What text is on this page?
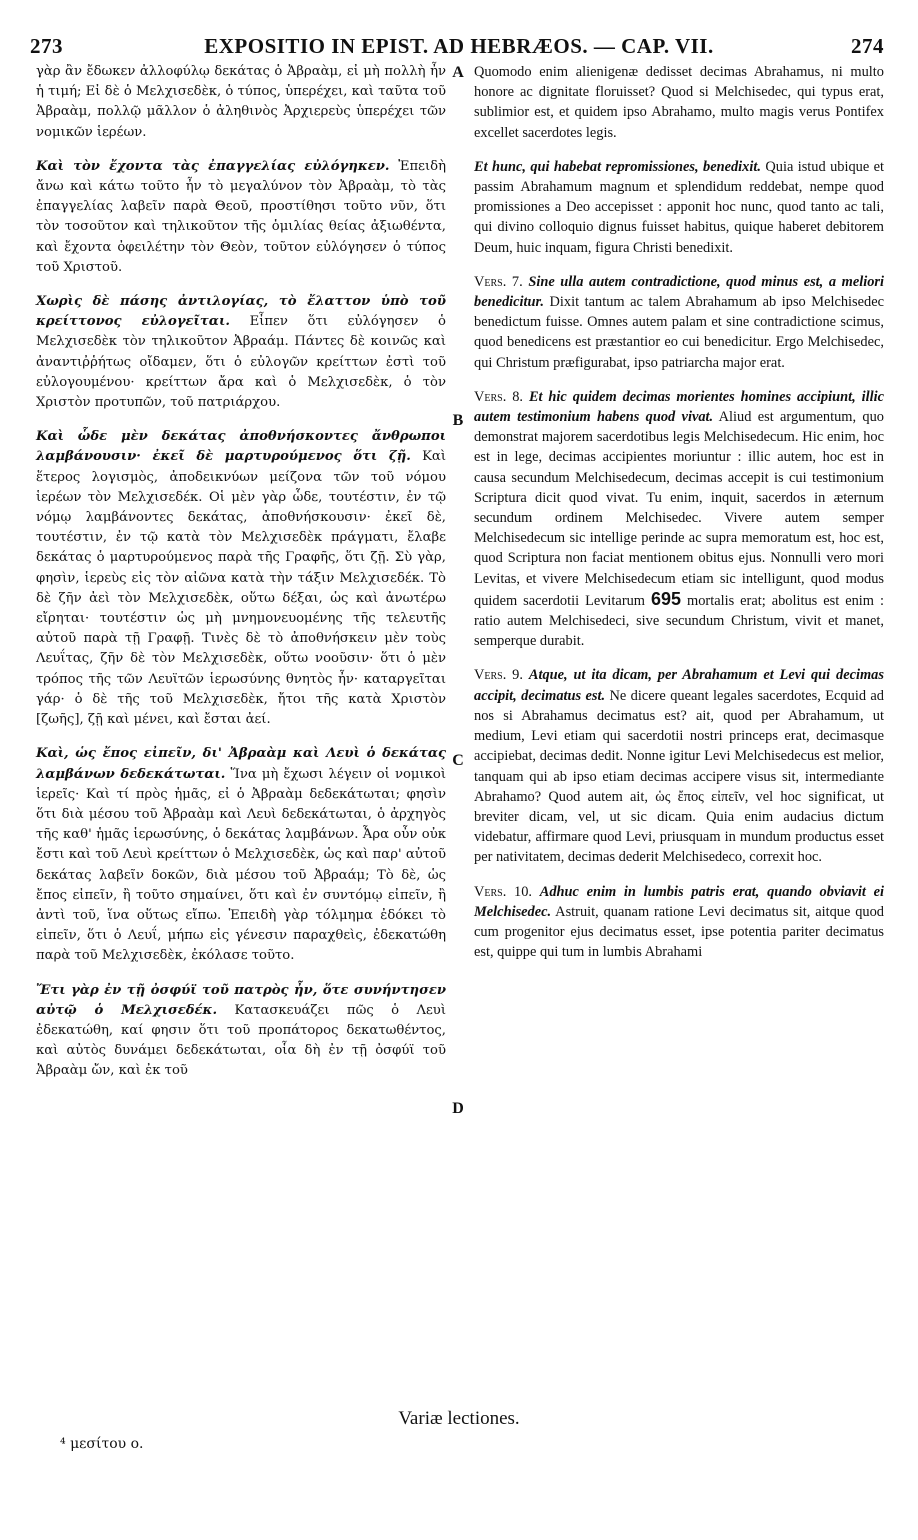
273	EXPOSITIO IN EPIST. AD HEBRÆOS. — CAP. VII.	274
A
B
C
D

γὰρ ἂν ἔδωκεν ἀλλοφύλῳ δεκάτας ὁ Ἀβραὰμ, εἰ μὴ πολλὴ ἦν ἡ τιμή; Εἰ δὲ ὁ Μελχισεδὲκ, ὁ τύπος, ὑπερέχει, καὶ ταῦτα τοῦ Ἀβραὰμ, πολλῷ μᾶλλον ὁ ἀληθινὸς Ἀρχιερεὺς ὑπερέχει τῶν νομικῶν ἱερέων.

Καὶ τὸν ἔχοντα τὰς ἐπαγγελίας εὐλόγηκεν. Ἐπειδὴ ἄνω καὶ κάτω τοῦτο ἦν τὸ μεγαλύνον τὸν Ἀβραὰμ, τὸ τὰς ἐπαγγελίας λαβεῖν παρὰ Θεοῦ, προστίθησι τοῦτο νῦν, ὅτι τὸν τοσοῦτον καὶ τηλικοῦτον τῆς ὁμιλίας θείας ἀξιωθέντα, καὶ ἔχοντα ὀφειλέτην τὸν Θεὸν, τοῦτον εὐλόγησεν ὁ τύπος τοῦ Χριστοῦ.

Χωρὶς δὲ πάσης ἀντιλογίας, τὸ ἔλαττον ὑπὸ τοῦ κρείττονος εὐλογεῖται. Εἶπεν ὅτι εὐλόγησεν ὁ Μελχισεδὲκ τὸν τηλικοῦτον Ἀβραάμ. Πάντες δὲ κοινῶς καὶ ἀναντιῤῥήτως οἴδαμεν, ὅτι ὁ εὐλογῶν κρείττων ἐστὶ τοῦ εὐλογουμένου· κρείττων ἄρα καὶ ὁ Μελχισεδὲκ, ὁ τὸν Χριστὸν προτυπῶν, τοῦ πατριάρχου.

Καὶ ὧδε μὲν δεκάτας ἀποθνήσκοντες ἄνθρωποι λαμβάνουσιν· ἐκεῖ δὲ μαρτυρούμενος ὅτι ζῇ. Καὶ ἕτερος λογισμὸς, ἀποδεικνύων μείζονα τῶν τοῦ νόμου ἱερέων τὸν Μελχισεδέκ. Οἱ μὲν γὰρ ὧδε, τουτέστιν, ἐν τῷ νόμῳ λαμβάνοντες δεκάτας, ἀποθνήσκουσιν· ἐκεῖ δὲ, τουτέστιν, ἐν τῷ κατὰ τὸν Μελχισεδὲκ πράγματι, ἔλαβε δεκάτας ὁ μαρτυρούμενος παρὰ τῆς Γραφῆς, ὅτι ζῇ. Σὺ γὰρ, φησὶν, ἱερεὺς εἰς τὸν αἰῶνα κατὰ τὴν τάξιν Μελχισεδέκ. Τὸ δὲ ζῆν ἀεὶ τὸν Μελχισεδὲκ, οὕτω δέξαι, ὡς καὶ ἀνωτέρω εἴρηται· τουτέστιν ὡς μὴ μνημονευομένης τῆς τελευτῆς αὐτοῦ παρὰ τῇ Γραφῇ. Τινὲς δὲ τὸ ἀποθνήσκειν μὲν τοὺς Λευΐτας, ζῆν δὲ τὸν Μελχισεδὲκ, οὕτω νοοῦσιν· ὅτι ὁ μὲν τρόπος τῆς τῶν Λευϊτῶν ἱερωσύνης θνητὸς ἦν· καταργεῖται γάρ· ὁ δὲ τῆς τοῦ Μελχισεδὲκ, ἤτοι τῆς κατὰ Χριστὸν [ζωῆς], ζῇ καὶ μένει, καὶ ἔσται ἀεί.

Καὶ, ὡς ἔπος εἰπεῖν, δι' Ἀβραὰμ καὶ Λευὶ ὁ δεκάτας λαμβάνων δεδεκάτωται. Ἵνα μὴ ἔχωσι λέγειν οἱ νομικοὶ ἱερεῖς· Καὶ τί πρὸς ἡμᾶς, εἰ ὁ Ἀβραὰμ δεδεκάτωται; φησὶν ὅτι διὰ μέσου τοῦ Ἀβραὰμ καὶ Λευὶ δεδεκάτωται, ὁ ἀρχηγὸς τῆς καθ' ἡμᾶς ἱερωσύνης, ὁ δεκάτας λαμβάνων. Ἆρα οὖν οὐκ ἔστι καὶ τοῦ Λευὶ κρείττων ὁ Μελχισεδὲκ, ὡς καὶ παρ' αὐτοῦ δεκάτας λαβεῖν δοκῶν, διὰ μέσου τοῦ Ἀβραάμ; Τὸ δὲ, ὡς ἔπος εἰπεῖν, ἢ τοῦτο σημαίνει, ὅτι καὶ ἐν συντόμῳ εἰπεῖν, ἢ ἀντὶ τοῦ, ἵνα οὕτως εἴπω. Ἐπειδὴ γὰρ τόλμημα ἐδόκει τὸ εἰπεῖν, ὅτι ὁ Λευΐ, μήπω εἰς γένεσιν παραχθεὶς, ἐδεκατώθη παρὰ τοῦ Μελχισεδὲκ, ἐκόλασε τοῦτο.

Ἔτι γὰρ ἐν τῇ ὀσφύϊ τοῦ πατρὸς ἦν, ὅτε συνήντησεν αὐτῷ ὁ Μελχισεδέκ. Κατασκευάζει πῶς ὁ Λευὶ ἐδεκατώθη, καί φησιν ὅτι τοῦ προπάτορος δεκατωθέντος, καὶ αὐτὸς δυνάμει δεδεκάτωται, οἷα δὴ ἐν τῇ ὀσφύϊ τοῦ Ἀβραὰμ ὤν, καὶ ἐκ τοῦ

Quomodo enim alienigenæ dedisset decimas Abrahamus, ni multo honore ac dignitate floruisset? Quod si Melchisedec, qui typus erat, sublimior est, et quidem ipso Abrahamo, multo magis verus Pontifex excellet sacerdotes legis.

Et hunc, qui habebat repromissiones, benedixit. Quia istud ubique et passim Abrahamum magnum et splendidum reddebat, nempe quod promissiones a Deo accepisset : apponit hoc nunc, quod tanto ac tali, qui divino colloquio dignus fuisset habitus, quique haberet debitorem Deum, huic inquam, figura Christi benedixit.

Vers. 7. Sine ulla autem contradictione, quod minus est, a meliori benedicitur. Dixit tantum ac talem Abrahamum ab ipso Melchisedec benedictum fuisse. Omnes autem palam et sine contradictione scimus, quod benedicens est præstantior eo cui benedicitur. Ergo Melchisedec, qui Christum præfigurabat, ipso patriarcha major erat.

Vers. 8. Et hic quidem decimas morientes homines accipiunt, illic autem testimonium habens quod vivat. Aliud est argumentum, quo demonstrat majorem sacerdotibus legis Melchisedecum. Hic enim, hoc est in lege, decimas accipientes moriuntur : illic autem, hoc est in causa secundum Melchisedecum, decimas accepit is cui testimonium Scriptura dicit quod vivat. Tu enim, inquit, sacerdos in æternum secundum ordinem Melchisedec. Vivere autem semper Melchisedecum sic intellige perinde ac supra memoratum est, hoc est, quod Scriptura non faciat mentionem obitus ejus. Nonnulli vero mori Levitas, et vivere Melchisedecum etiam sic intelligunt, quod modus quidem sacerdotii Levitarum 695 mortalis erat; abolitus est enim : ratio autem Melchisedeci, sive secundum Christum, vivit et manet, semperque durabit.

Vers. 9. Atque, ut ita dicam, per Abrahamum et Levi qui decimas accipit, decimatus est. Ne dicere queant legales sacerdotes, Ecquid ad nos si Abrahamus decimatus est? ait, quod per Abrahamum, ut medium, Levi etiam qui sacerdotii nostri princeps erat, decimasque accipiebat, decimas dedit. Nonne igitur Levi Melchisedecus est melior, tanquam qui ab ipso etiam decimas accipere visus sit, intermediante Abrahamo? Quod autem ait, ὡς ἔπος εἰπεῖν, vel hoc significat, ut breviter dicam, vel, ut sic dicam. Quia enim audacius dictum videbatur, affirmare quod Levi, priusquam in mundum productus esset per nativitatem, decimas dederit Melchisedeco, correxit hoc.

Vers. 10. Adhuc enim in lumbis patris erat, quando obviavit ei Melchisedec. Astruit, quanam ratione Levi decimatus sit, aitque quod cum progenitor ejus decimatus esset, ipse potentia pariter decimatus est, quippe qui tum in lumbis Abrahami

Variæ lectiones.
⁴ μεσίτου ο.
